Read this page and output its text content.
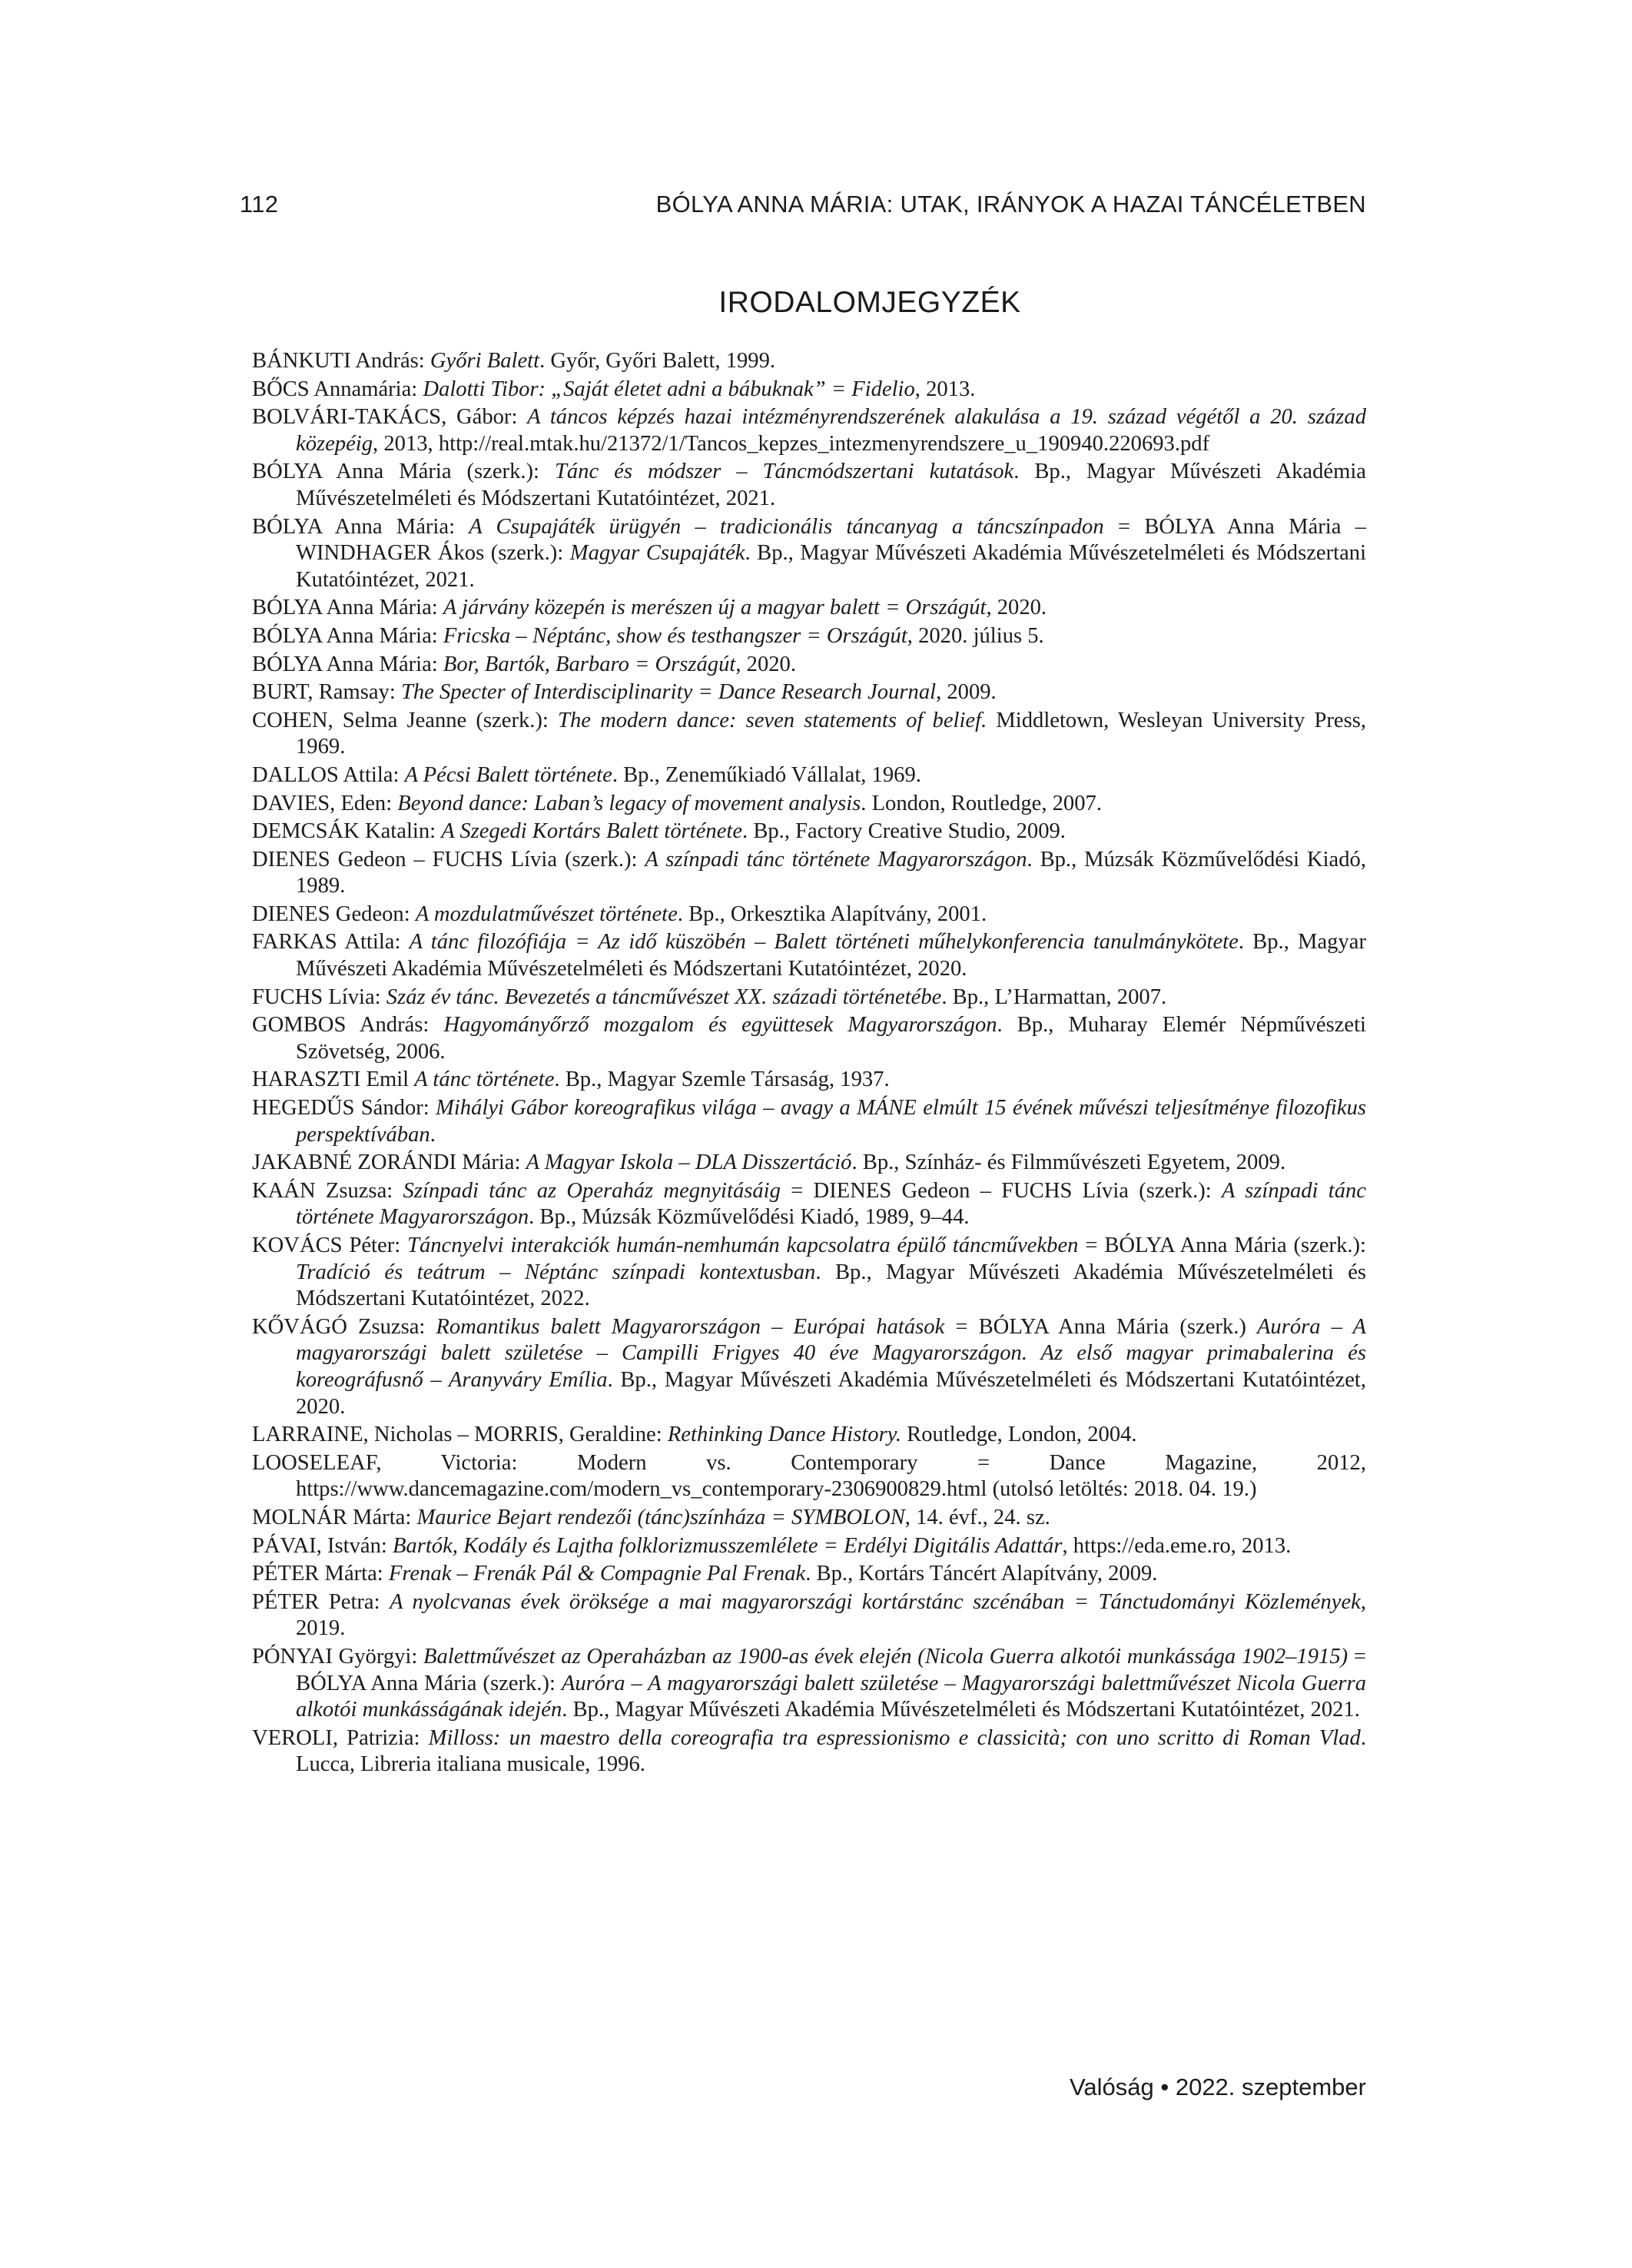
112	BÓLYA ANNA MÁRIA: UTAK, IRÁNYOK A HAZAI TÁNCÉLETBEN
IRODALOMJEGYZÉK
BÁNKUTI András: Győri Balett. Győr, Győri Balett, 1999.
BŐCS Annamária: Dalotti Tibor: „Saját életet adni a bábuknak” = Fidelio, 2013.
BOLVÁRI-TAKÁCS, Gábor: A táncos képzés hazai intézményrendszerének alakulása a 19. század végétől a 20. század közepéig, 2013, http://real.mtak.hu/21372/1/Tancos_kepzes_intezmenyrendszere_u_190940.220693.pdf
BÓLYA Anna Mária (szerk.): Tánc és módszer – Táncmódszertani kutatások. Bp., Magyar Művészeti Akadémia Művészetelméleti és Módszertani Kutatóintézet, 2021.
BÓLYA Anna Mária: A Csupajáték ürügyén – tradicionális táncanyag a táncszínpadon = BÓLYA Anna Mária – WINDHAGER Ákos (szerk.): Magyar Csupajáték. Bp., Magyar Művészeti Akadémia Művészetelméleti és Módszertani Kutatóintézet, 2021.
BÓLYA Anna Mária: A járvány közepén is merészen új a magyar balett = Országút, 2020.
BÓLYA Anna Mária: Fricska – Néptánc, show és testhangszer = Országút, 2020. július 5.
BÓLYA Anna Mária: Bor, Bartók, Barbaro = Országút, 2020.
BURT, Ramsay: The Specter of Interdisciplinarity = Dance Research Journal, 2009.
COHEN, Selma Jeanne (szerk.): The modern dance: seven statements of belief. Middletown, Wesleyan University Press, 1969.
DALLOS Attila: A Pécsi Balett története. Bp., Zeneműkiadó Vállalat, 1969.
DAVIES, Eden: Beyond dance: Laban’s legacy of movement analysis. London, Routledge, 2007.
DEMCSÁK Katalin: A Szegedi Kortárs Balett története. Bp., Factory Creative Studio, 2009.
DIENES Gedeon – FUCHS Lívia (szerk.): A színpadi tánc története Magyarországon. Bp., Múzsák Közművelődési Kiadó, 1989.
DIENES Gedeon: A mozdulatművészet története. Bp., Orkesztika Alapítvány, 2001.
FARKAS Attila: A tánc filozófiája = Az idő küszöbén – Balett történeti műhelykonferencia tanulmánykötete. Bp., Magyar Művészeti Akadémia Művészetelméleti és Módszertani Kutatóintézet, 2020.
FUCHS Lívia: Száz év tánc. Bevezetés a táncművészet XX. századi történetébe. Bp., L’Harmattan, 2007.
GOMBOS András: Hagyományőrző mozgalom és együttesek Magyarországon. Bp., Muharay Elemér Népművészeti Szövetség, 2006.
HARASZTI Emil A tánc története. Bp., Magyar Szemle Társaság, 1937.
HEGEDŰS Sándor: Mihályi Gábor koreografikus világa – avagy a MÁNE elmúlt 15 évének művészi teljesítménye filozofikus perspektívában.
JAKABNÉ ZORÁNDI Mária: A Magyar Iskola – DLA Disszertáció. Bp., Színház- és Filmművészeti Egyetem, 2009.
KAÁN Zsuzsa: Színpadi tánc az Operaház megnyitásáig = DIENES Gedeon – FUCHS Lívia (szerk.): A színpadi tánc története Magyarországon. Bp., Múzsák Közművelődési Kiadó, 1989, 9–44.
KOVÁCS Péter: Táncnyelvi interakciók humán-nemhumán kapcsolatra épülő táncművekben = BÓLYA Anna Mária (szerk.): Tradíció és teátrum – Néptánc színpadi kontextusban. Bp., Magyar Művészeti Akadémia Művészetelméleti és Módszertani Kutatóintézet, 2022.
KŐVÁGÓ Zsuzsa: Romantikus balett Magyarországon – Európai hatások = BÓLYA Anna Mária (szerk.) Auróra – A magyarországi balett születése – Campilli Frigyes 40 éve Magyarországon. Az első magyar primabalerina és koreográfusnő – Aranyváry Emília. Bp., Magyar Művészeti Akadémia Művészetelméleti és Módszertani Kutatóintézet, 2020.
LARRAINE, Nicholas – MORRIS, Geraldine: Rethinking Dance History. Routledge, London, 2004.
LOOSELEAF, Victoria: Modern vs. Contemporary = Dance Magazine, 2012, https://www.dancemagazine.com/modern_vs_contemporary-2306900829.html (utolsó letöltés: 2018. 04. 19.)
MOLNÁR Márta: Maurice Bejart rendezői (tánc)színháza = SYMBOLON, 14. évf., 24. sz.
PÁVAI, István: Bartók, Kodály és Lajtha folklorizmusszemlélete = Erdélyi Digitális Adattár, https://eda.eme.ro, 2013.
PÉTER Márta: Frenak – Frenák Pál & Compagnie Pal Frenak. Bp., Kortárs Táncért Alapítvány, 2009.
PÉTER Petra: A nyolcvanas évek öröksége a mai magyarországi kortárstánc szcénában = Tánctudományi Közlemények, 2019.
PÓNYAI Györgyi: Balettművészet az Operaházban az 1900-as évek elején (Nicola Guerra alkotói munkássága 1902–1915) = BÓLYA Anna Mária (szerk.): Auróra – A magyarországi balett születése – Magyarországi balettművészet Nicola Guerra alkotói munkásságának idején. Bp., Magyar Művészeti Akadémia Művészetelméleti és Módszertani Kutatóintézet, 2021.
VEROLI, Patrizia: Milloss: un maestro della coreografia tra espressionismo e classicità; con uno scritto di Roman Vlad. Lucca, Libreria italiana musicale, 1996.
Valóság • 2022. szeptember
